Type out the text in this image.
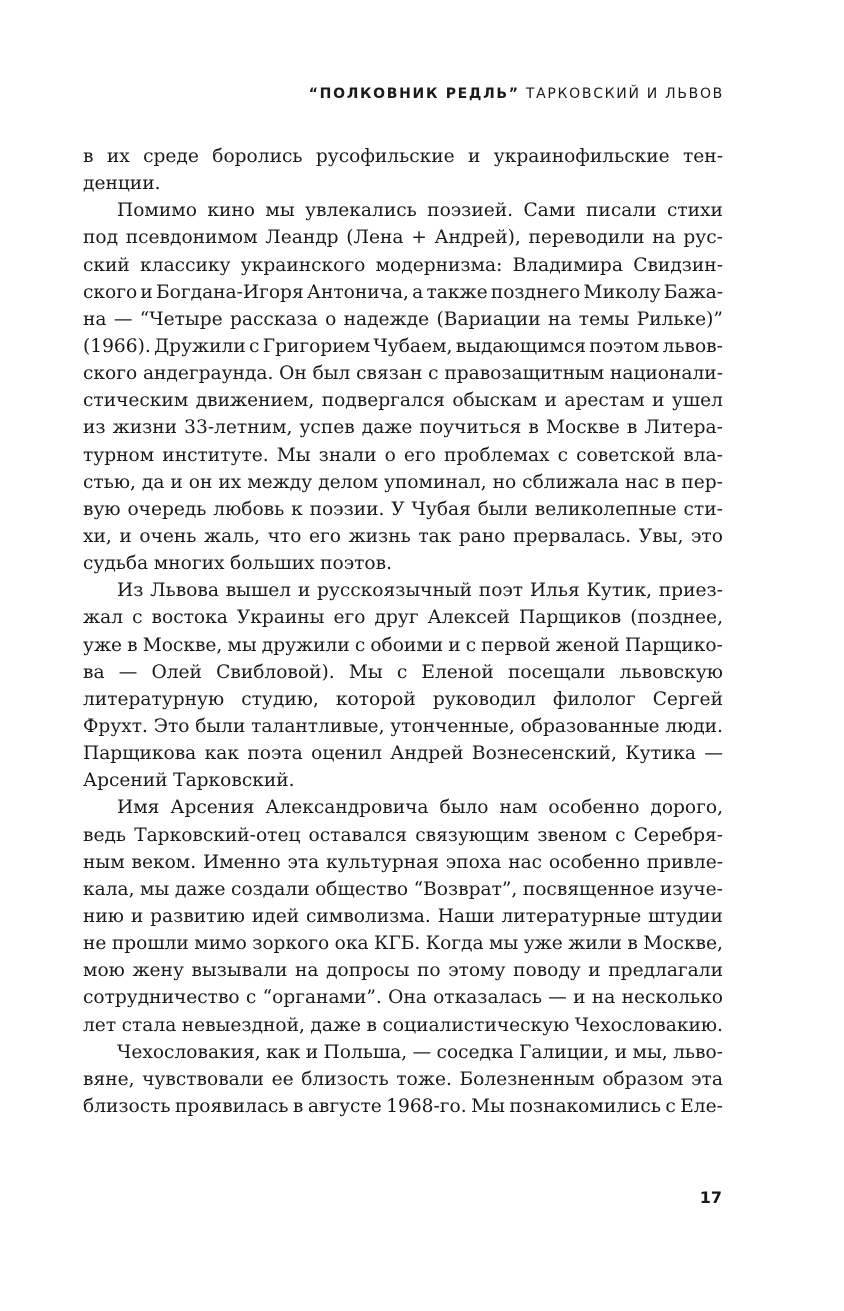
“ПОЛКОВНИК РЕДЛЬ” ТАРКОВСКИЙ И ЛЬВОВ
в их среде боролись русофильские и украинофильские тен-
денции.
Помимо кино мы увлекались поэзией. Сами писали стихи
под псевдонимом Леандр (Лена + Андрей), переводили на рус-
ский классику украинского модернизма: Владимира Свидзин-
ского и Богдана-Игоря Антонича, а также позднего Миколу Бажа-
на — “Четыре рассказа о надежде (Вариации на темы Рильке)”
(1966). Дружили с Григорием Чубаем, выдающимся поэтом львов-
ского андеграунда. Он был связан с правозащитным национали-
стическим движением, подвергался обыскам и арестам и ушел
из жизни 33-летним, успев даже поучиться в Москве в Литера-
турном институте. Мы знали о его проблемах с советской вла-
стью, да и он их между делом упоминал, но сближала нас в пер-
вую очередь любовь к поэзии. У Чубая были великолепные сти-
хи, и очень жаль, что его жизнь так рано прервалась. Увы, это
судьба многих больших поэтов.
Из Львова вышел и русскоязычный поэт Илья Кутик, приез-
жал с востока Украины его друг Алексей Парщиков (позднее,
уже в Москве, мы дружили с обоими и с первой женой Парщико-
ва — Олей Свибловой). Мы с Еленой посещали львовскую
литературную студию, которой руководил филолог Сергей
Фрухт. Это были талантливые, утонченные, образованные люди.
Парщикова как поэта оценил Андрей Вознесенский, Кутика —
Арсений Тарковский.
Имя Арсения Александровича было нам особенно дорого,
ведь Тарковский-отец оставался связующим звеном с Серебря-
ным веком. Именно эта культурная эпоха нас особенно привле-
кала, мы даже создали общество “Возврат”, посвященное изуче-
нию и развитию идей символизма. Наши литературные штудии
не прошли мимо зоркого ока КГБ. Когда мы уже жили в Москве,
мою жену вызывали на допросы по этому поводу и предлагали
сотрудничество с “органами”. Она отказалась — и на несколько
лет стала невыездной, даже в социалистическую Чехословакию.
Чехословакия, как и Польша, — соседка Галиции, и мы, льво-
вяне, чувствовали ее близость тоже. Болезненным образом эта
близость проявилась в августе 1968-го. Мы познакомились с Еле-
17
